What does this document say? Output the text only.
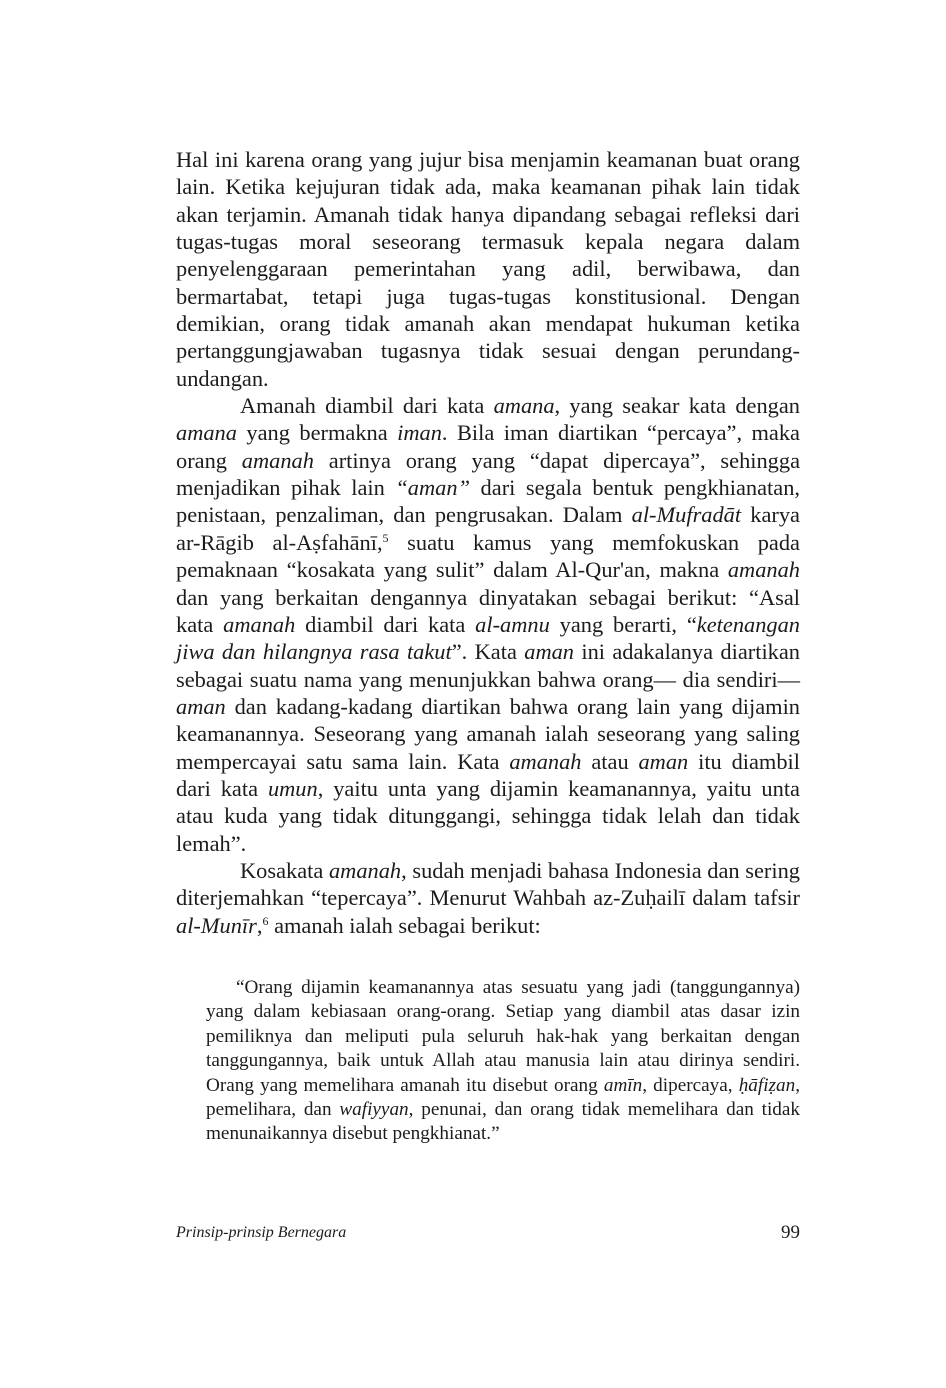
Hal ini karena orang yang jujur bisa menjamin keamanan buat orang lain. Ketika kejujuran tidak ada, maka keamanan pihak lain tidak akan terjamin. Amanah tidak hanya dipandang sebagai refleksi dari tugas-tugas moral seseorang termasuk kepala negara dalam penyelenggaraan pemerintahan yang adil, berwibawa, dan bermartabat, tetapi juga tugas-tugas konstitusional. Dengan demikian, orang tidak amanah akan mendapat hukuman ketika pertanggungjawaban tugasnya tidak sesuai dengan perundang-undangan.

Amanah diambil dari kata amana, yang seakar kata dengan amana yang bermakna iman. Bila iman diartikan “percaya”, maka orang amanah artinya orang yang “dapat dipercaya”, sehingga menjadikan pihak lain “aman” dari segala bentuk pengkhianatan, penistaan, penzaliman, dan pengrusakan. Dalam al-Mufradāt karya ar-Rāgib al-Aṣfahānī,$^5$ suatu kamus yang memfokuskan pada pemaknaan “kosakata yang sulit” dalam Al-Qur'an, makna amanah dan yang berkaitan dengannya dinyatakan sebagai berikut: “Asal kata amanah diambil dari kata al-amnu yang berarti, “ketenangan jiwa dan hilangnya rasa takut”. Kata aman ini adakalanya diartikan sebagai suatu nama yang menunjukkan bahwa orang— dia sendiri—aman dan kadang-kadang diartikan bahwa orang lain yang dijamin keamanannya. Seseorang yang amanah ialah seseorang yang saling mempercayai satu sama lain. Kata amanah atau aman itu diambil dari kata umun, yaitu unta yang dijamin keamanannya, yaitu unta atau kuda yang tidak ditunggangi, sehingga tidak lelah dan tidak lemah”.

Kosakata amanah, sudah menjadi bahasa Indonesia dan sering diterjemahkan “tepercaya”. Menurut Wahbah az-Zuḥailī dalam tafsir al-Munīr,$^6$ amanah ialah sebagai berikut:

“Orang dijamin keamanannya atas sesuatu yang jadi (tanggungannya) yang dalam kebiasaan orang-orang. Setiap yang diambil atas dasar izin pemiliknya dan meliputi pula seluruh hak-hak yang berkaitan dengan tanggungannya, baik untuk Allah atau manusia lain atau dirinya sendiri. Orang yang memelihara amanah itu disebut orang amīn, dipercaya, ḥāfiẓan, pemelihara, dan wafiyyan, penunai, dan orang tidak memelihara dan tidak menunaikannya disebut pengkhianat.”

Prinsip-prinsip Bernegara	99
